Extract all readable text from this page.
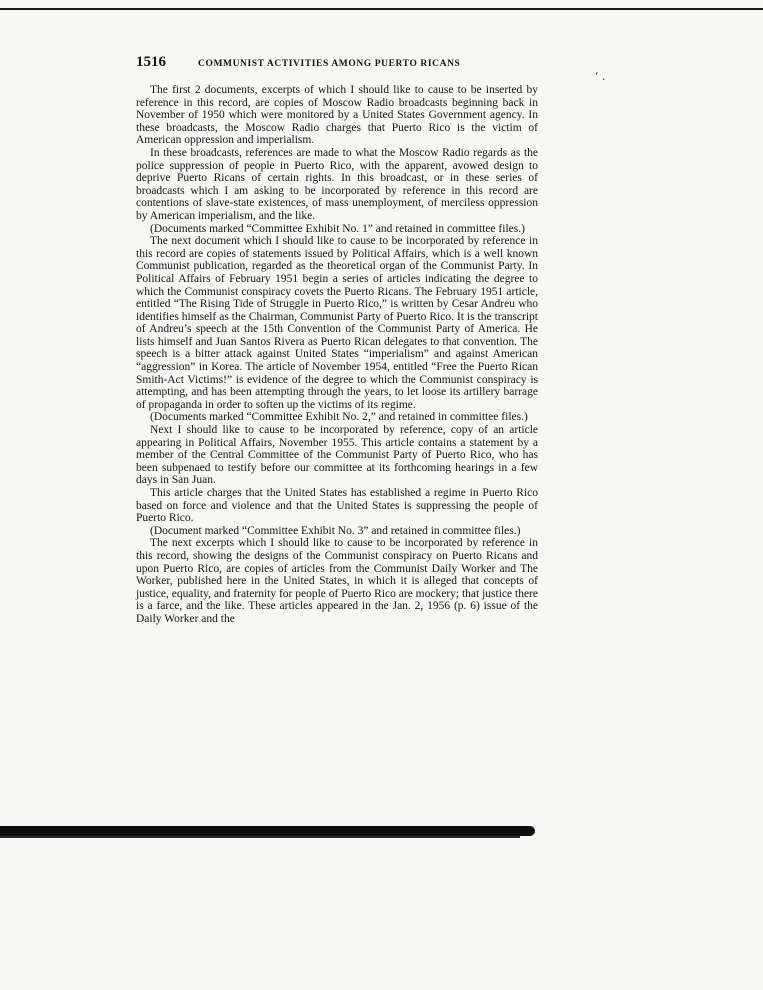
‘ .
1516	COMMUNIST ACTIVITIES AMONG PUERTO RICANS

The first 2 documents, excerpts of which I should like to cause to be inserted by reference in this record, are copies of Moscow Radio broadcasts beginning back in November of 1950 which were monitored by a United States Government agency. In these broadcasts, the Moscow Radio charges that Puerto Rico is the victim of American oppression and imperialism.

In these broadcasts, references are made to what the Moscow Radio regards as the police suppression of people in Puerto Rico, with the apparent, avowed design to deprive Puerto Ricans of certain rights. In this broadcast, or in these series of broadcasts which I am asking to be incorporated by reference in this record are contentions of slave-state existences, of mass unemployment, of merciless oppression by American imperialism, and the like.

(Documents marked “Committee Exhibit No. 1” and retained in committee files.)

The next document which I should like to cause to be incorporated by reference in this record are copies of statements issued by Political Affairs, which is a well known Communist publication, regarded as the theoretical organ of the Communist Party. In Political Affairs of February 1951 begin a series of articles indicating the degree to which the Communist conspiracy covets the Puerto Ricans. The February 1951 article, entitled “The Rising Tide of Struggle in Puerto Rico,” is written by Cesar Andreu who identifies himself as the Chairman, Communist Party of Puerto Rico. It is the transcript of Andreu’s speech at the 15th Convention of the Communist Party of America. He lists himself and Juan Santos Rivera as Puerto Rican delegates to that convention. The speech is a bitter attack against United States “imperialism” and against American “aggression” in Korea. The article of November 1954, entitled “Free the Puerto Rican Smith-Act Victims!” is evidence of the degree to which the Communist conspiracy is attempting, and has been attempting through the years, to let loose its artillery barrage of propaganda in order to soften up the victims of its regime.

(Documents marked “Committee Exhibit No. 2,” and retained in committee files.)

Next I should like to cause to be incorporated by reference, copy of an article appearing in Political Affairs, November 1955. This article contains a statement by a member of the Central Committee of the Communist Party of Puerto Rico, who has been subpenaed to testify before our committee at its forthcoming hearings in a few days in San Juan.

This article charges that the United States has established a regime in Puerto Rico based on force and violence and that the United States is suppressing the people of Puerto Rico.

(Document marked “Committee Exhibit No. 3” and retained in committee files.)

The next excerpts which I should like to cause to be incorporated by reference in this record, showing the designs of the Communist conspiracy on Puerto Ricans and upon Puerto Rico, are copies of articles from the Communist Daily Worker and The Worker, published here in the United States, in which it is alleged that concepts of justice, equality, and fraternity for people of Puerto Rico are mockery; that justice there is a farce, and the like. These articles appeared in the Jan. 2, 1956 (p. 6) issue of the Daily Worker and the
